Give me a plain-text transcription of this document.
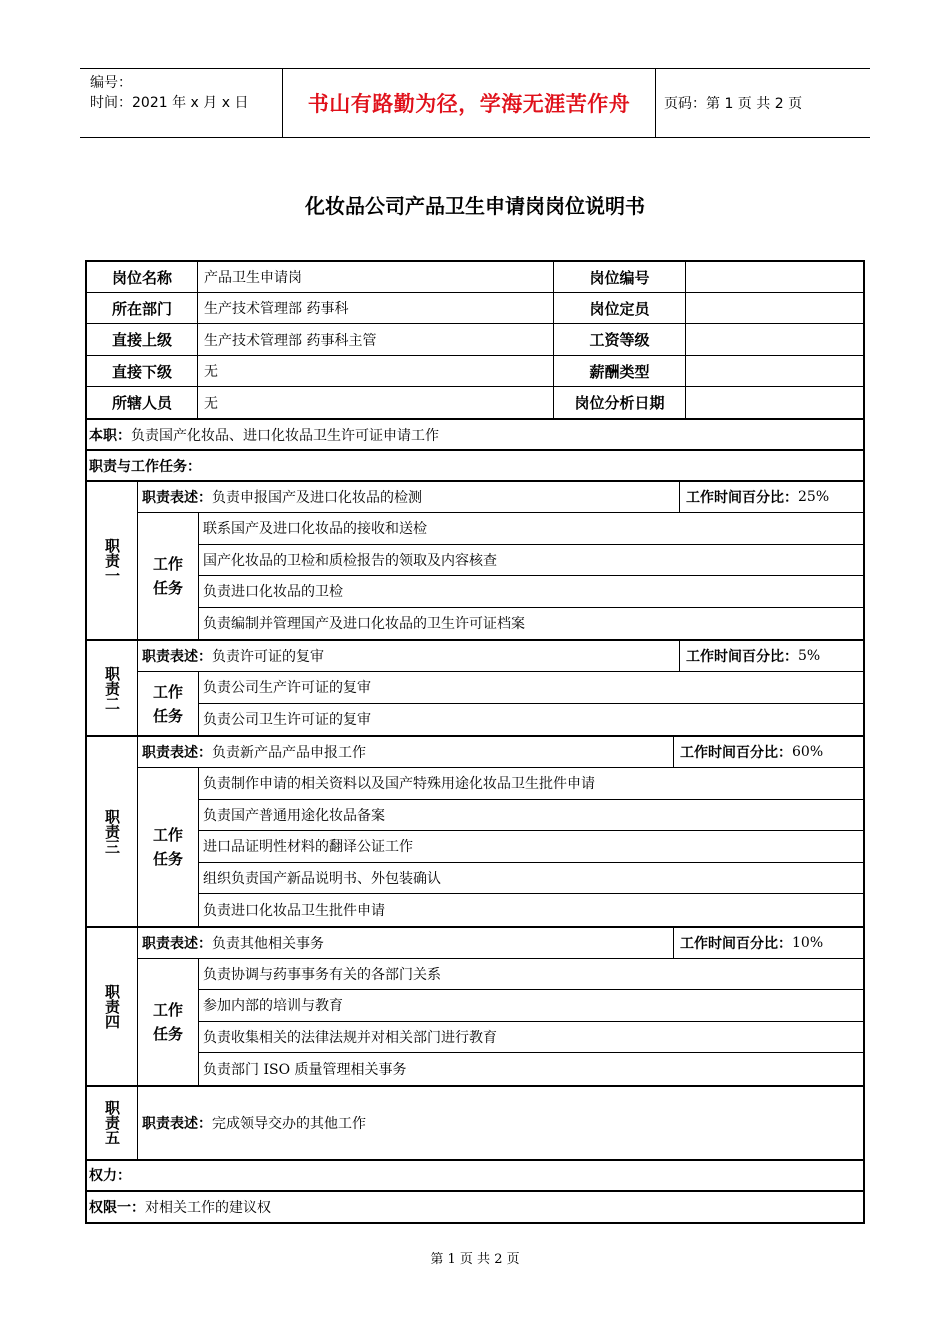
编号：
时间：2021 年 x 月 x 日	书山有路勤为径，学海无涯苦作舟	页码：第 1 页 共 2 页
化妆品公司产品卫生申请岗岗位说明书
岗位名称	产品卫生申请岗	岗位编号
所在部门	生产技术管理部 药事科	岗位定员
直接上级	生产技术管理部 药事科主管	工资等级
直接下级	无	薪酬类型
所辖人员	无	岗位分析日期
本职： 负责国产化妆品、进口化妆品卫生许可证申请工作
职责与工作任务：
职责一
职责表述： 负责申报国产及进口化妆品的检测	工作时间百分比： 25%
工作任务
联系国产及进口化妆品的接收和送检
国产化妆品的卫检和质检报告的领取及内容核查
负责进口化妆品的卫检
负责编制并管理国产及进口化妆品的卫生许可证档案
职责二
职责表述： 负责许可证的复审	工作时间百分比： 5%
工作任务
负责公司生产许可证的复审
负责公司卫生许可证的复审
职责三
职责表述： 负责新产品产品申报工作	工作时间百分比： 60%
工作任务
负责制作申请的相关资料以及国产特殊用途化妆品卫生批件申请
负责国产普通用途化妆品备案
进口品证明性材料的翻译公证工作
组织负责国产新品说明书、外包装确认
负责进口化妆品卫生批件申请
职责四
职责表述： 负责其他相关事务	工作时间百分比： 10%
工作任务
负责协调与药事事务有关的各部门关系
参加内部的培训与教育
负责收集相关的法律法规并对相关部门进行教育
负责部门 ISO 质量管理相关事务
职责五 职责表述： 完成领导交办的其他工作
权力：
权限一： 对相关工作的建议权
第 1 页 共 2 页
